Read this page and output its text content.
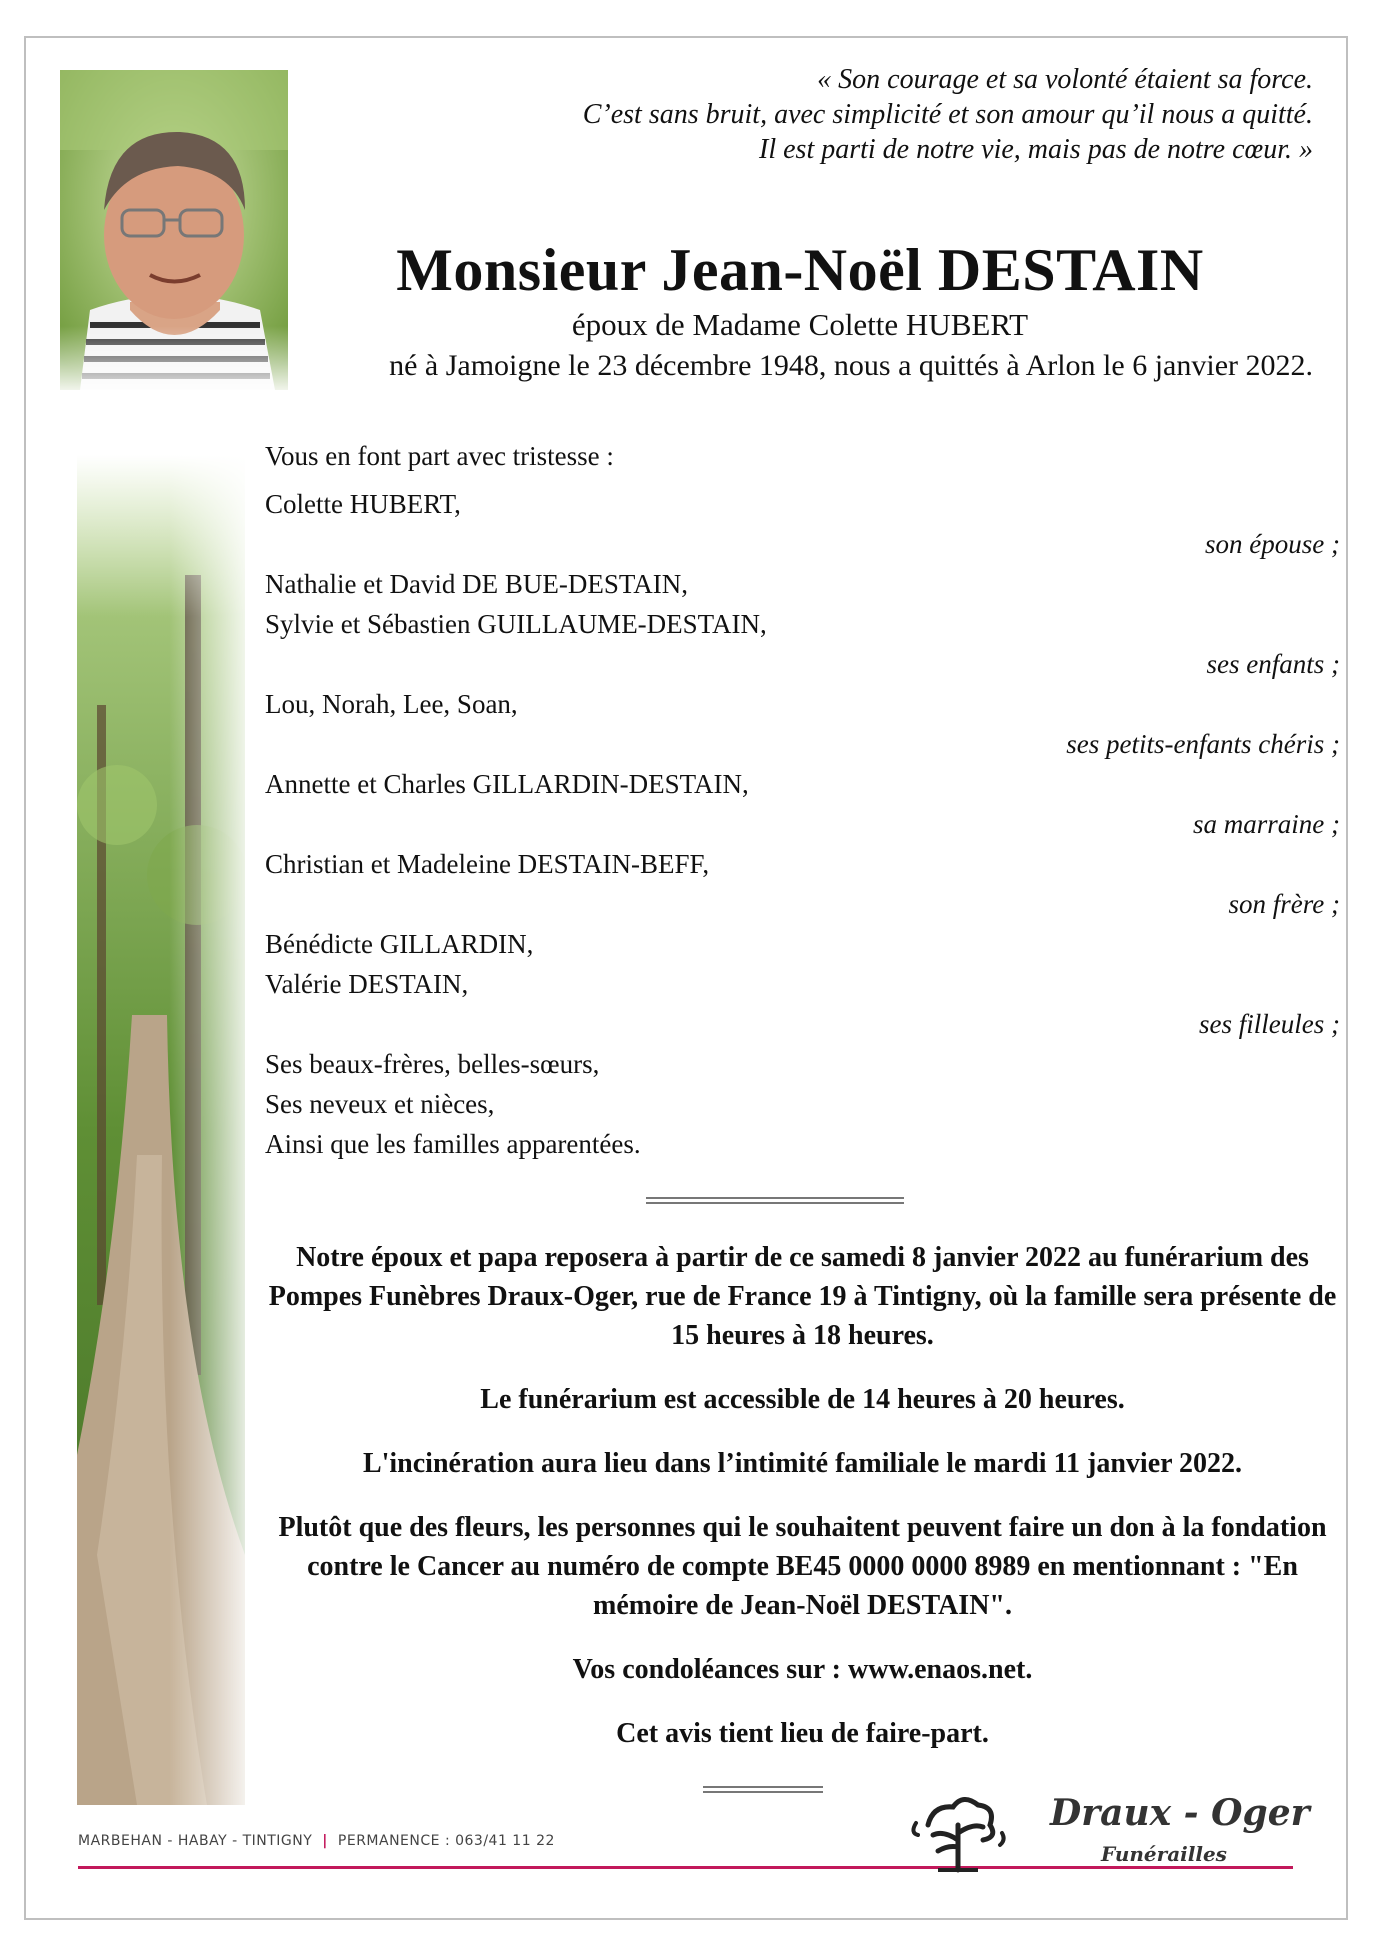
« Son courage et sa volonté étaient sa force.
C’est sans bruit, avec simplicité et son amour qu’il nous a quitté.
Il est parti de notre vie, mais pas de notre cœur. »
Monsieur Jean-Noël DESTAIN
époux de Madame Colette HUBERT
né à Jamoigne le 23 décembre 1948, nous a quittés à Arlon le 6 janvier 2022.
Vous en font part avec tristesse :
Colette HUBERT,
son épouse ;
Nathalie et David DE BUE-DESTAIN,
Sylvie et Sébastien GUILLAUME-DESTAIN,
ses enfants ;
Lou, Norah, Lee, Soan,
ses petits-enfants chéris ;
Annette et Charles GILLARDIN-DESTAIN,
sa marraine ;
Christian et Madeleine DESTAIN-BEFF,
son frère ;
Bénédicte GILLARDIN,
Valérie DESTAIN,
ses filleules ;
Ses beaux-frères, belles-sœurs,
Ses neveux et nièces,
Ainsi que les familles apparentées.

Notre époux et papa reposera à partir de ce samedi 8 janvier 2022 au funérarium des Pompes Funèbres Draux-Oger, rue de France 19 à Tintigny, où la famille sera présente de 15 heures à 18 heures.

Le funérarium est accessible de 14 heures à 20 heures.

L'incinération aura lieu dans l’intimité familiale le mardi 11 janvier 2022.

Plutôt que des fleurs, les personnes qui le souhaitent peuvent faire un don à la fondation contre le Cancer au numéro de compte BE45 0000 0000 8989 en mentionnant : "En mémoire de Jean-Noël DESTAIN".

Vos condoléances sur : www.enaos.net.

Cet avis tient lieu de faire-part.

MARBEHAN - HABAY - TINTIGNY | PERMANENCE : 063/41 11 22
Draux - Oger
Funérailles
